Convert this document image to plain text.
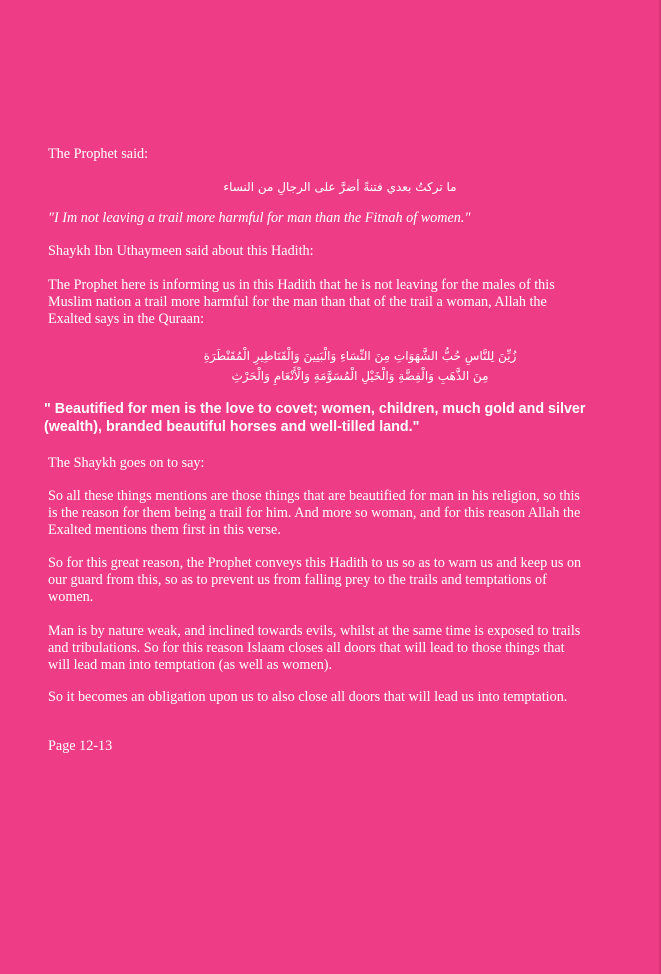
The Prophet said:
ما تركتُ بعدي فتنةً أضرَّ على الرجالِ من النساء
"I Im not leaving a trail more harmful for man than the Fitnah of women."
Shaykh Ibn Uthaymeen said about this Hadith:
The Prophet here is informing us in this Hadith that he is not leaving for the males of this Muslim nation a trail more harmful for the man than that of the trail a woman, Allah the Exalted says in the Quraan:
زُيِّنَ لِلنَّاسِ حُبُّ الشَّهَوَاتِ مِنَ النِّسَاءِ وَالْبَنِينَ وَالْقَنَاطِيرِ الْمُقَنْطَرَةِ
مِنَ الذَّهَبِ وَالْفِضَّةِ وَالْخَيْلِ الْمُسَوَّمَةِ وَالْأَنْعَامِ وَالْحَرْثِ
" Beautified for men is the love to covet; women, children, much gold and silver (wealth), branded beautiful horses and well-tilled land."
The Shaykh goes on to say:
So all these things mentions are those things that are beautified for man in his religion, so this is the reason for them being a trail for him. And more so woman, and for this reason Allah the Exalted mentions them first in this verse.
So for this great reason, the Prophet conveys this Hadith to us so as to warn us and keep us on our guard from this, so as to prevent us from falling prey to the trails and temptations of women.
Man is by nature weak, and inclined towards evils, whilst at the same time is exposed to trails and tribulations. So for this reason Islaam closes all doors that will lead to those things that will lead man into temptation (as well as women).
So it becomes an obligation upon us to also close all doors that will lead us into temptation.
Page 12-13
